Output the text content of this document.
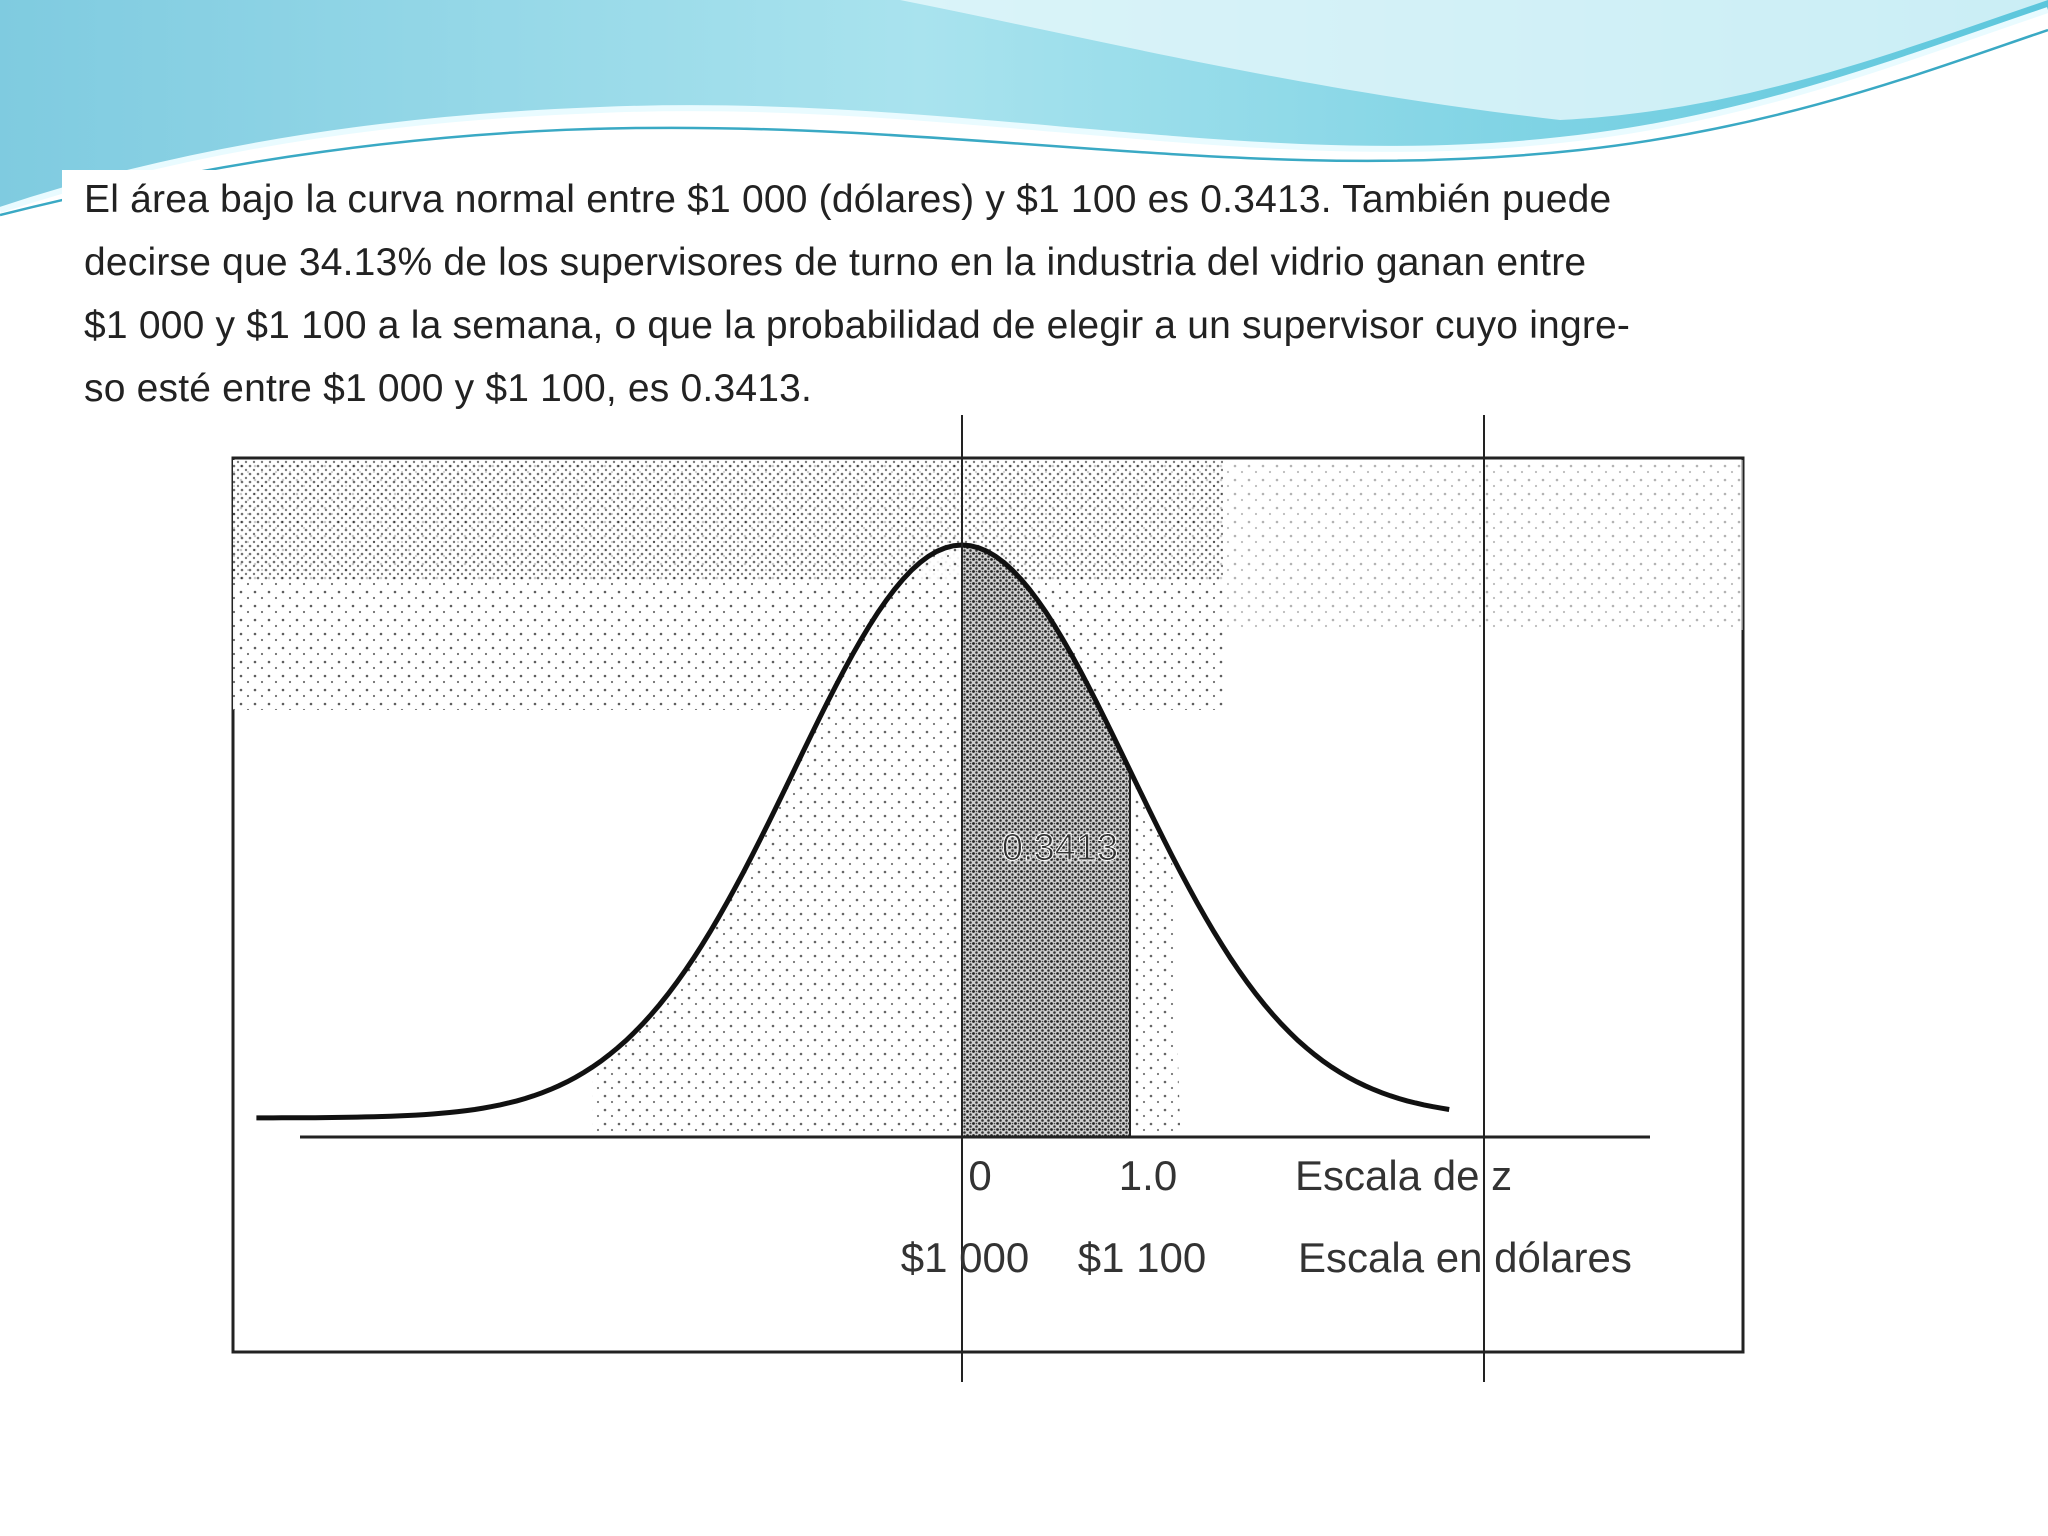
El área bajo la curva normal entre $1 000 (dólares) y $1 100 es 0.3413. También puede
decirse que 34.13% de los supervisores de turno en la industria del vidrio ganan entre
$1 000 y $1 100 a la semana, o que la probabilidad de elegir a un supervisor cuyo ingre-
so esté entre $1 000 y $1 100, es 0.3413.
0.3413
0	1.0	Escala de z
$1 000 $1 100 Escala en dólares
